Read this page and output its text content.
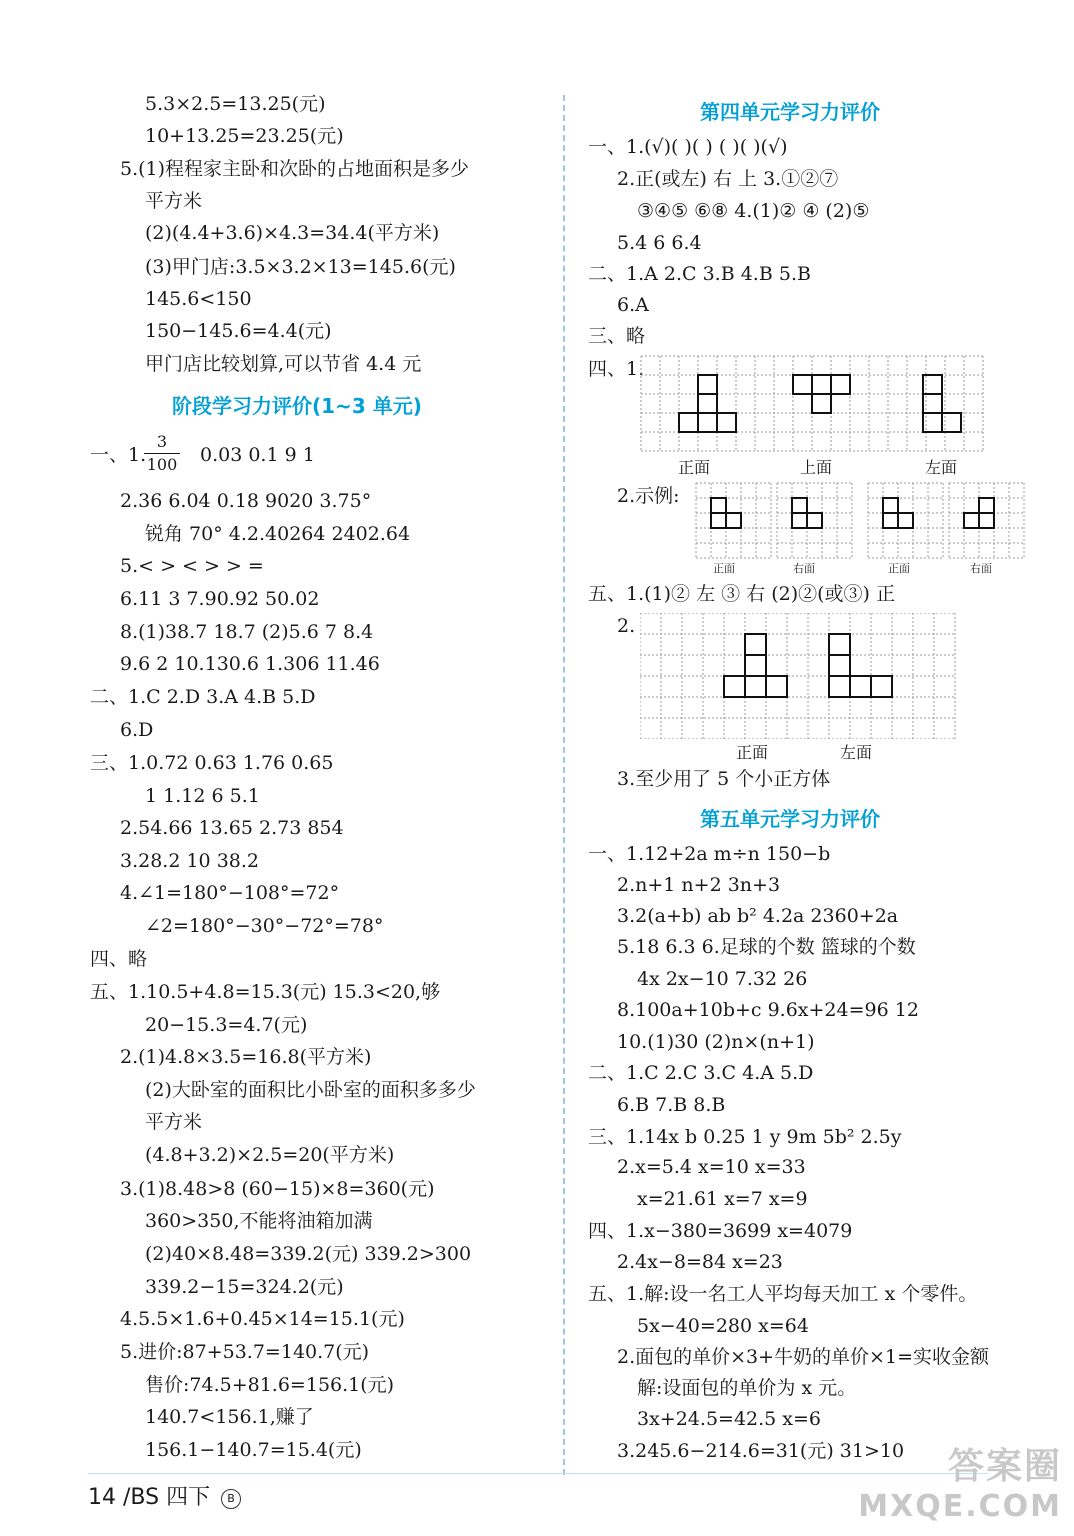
5.3×2.5=13.25(元)
10+13.25=23.25(元)
5.(1)程程家主卧和次卧的占地面积是多少
平方米
(2)(4.4+3.6)×4.3=34.4(平方米)
(3)甲门店:3.5×3.2×13=145.6(元)
145.6<150
150−145.6=4.4(元)
甲门店比较划算,可以节省 4.4 元
阶段学习力评价(1~3 单元)
一、1.
3
100 0.03 0.1 9 1
2.36 6.04 0.18 9020 3.75°
锐角 70° 4.2.40264 2402.64
5.< > < > > =
6.11 3 7.90.92 50.02
8.(1)38.7 18.7 (2)5.6 7 8.4
9.6 2 10.130.6 1.306 11.46
二、1.C 2.D 3.A 4.B 5.D
6.D
三、1.0.72 0.63 1.76 0.65
1 1.12 6 5.1
2.54.66 13.65 2.73 854
3.28.2 10 38.2
4.∠1=180°−108°=72°
∠2=180°−30°−72°=78°
四、略
五、1.10.5+4.8=15.3(元) 15.3<20,够
20−15.3=4.7(元)
2.(1)4.8×3.5=16.8(平方米)
(2)大卧室的面积比小卧室的面积多多少
平方米
(4.8+3.2)×2.5=20(平方米)
3.(1)8.48>8 (60−15)×8=360(元)
360>350,不能将油箱加满
(2)40×8.48=339.2(元) 339.2>300
339.2−15=324.2(元)
4.5.5×1.6+0.45×14=15.1(元)
5.进价:87+53.7=140.7(元)
售价:74.5+81.6=156.1(元)
140.7<156.1,赚了
156.1−140.7=15.4(元)
第四单元学习力评价
一、1.(√)( )( ) ( )( )(√)
2.正(或左) 右 上 3.①②⑦
③④⑤ ⑥⑧ 4.(1)② ④ (2)⑤
5.4 6 6.4
二、1.A 2.C 3.B 4.B 5.B
6.A
三、略
四、1.
正面	上面	左面
2.示例:
正面	右面	正面	右面
五、1.(1)② 左 ③ 右 (2)②(或③) 正
2.
正面	左面
3.至少用了 5 个小正方体
第五单元学习力评价
一、1.12+2a m÷n 150−b
2.n+1 n+2 3n+3
3.2(a+b) ab b² 4.2a 2360+2a
5.18 6.3 6.足球的个数 篮球的个数
4x 2x−10 7.32 26
8.100a+10b+c 9.6x+24=96 12
10.(1)30 (2)n×(n+1)
二、1.C 2.C 3.C 4.A 5.D
6.B 7.B 8.B
三、1.14x b 0.25 1 y 9m 5b² 2.5y
2.x=5.4 x=10 x=33
x=21.61 x=7 x=9
四、1.x−380=3699 x=4079
2.4x−8=84 x=23
五、1.解:设一名工人平均每天加工 x 个零件。
5x−40=280 x=64
2.面包的单价×3+牛奶的单价×1=实收金额
解:设面包的单价为 x 元。
3x+24.5=42.5 x=6
3.245.6−214.6=31(元) 31>10
14 /BS 四下 B
答案圈
MXQE.COM
